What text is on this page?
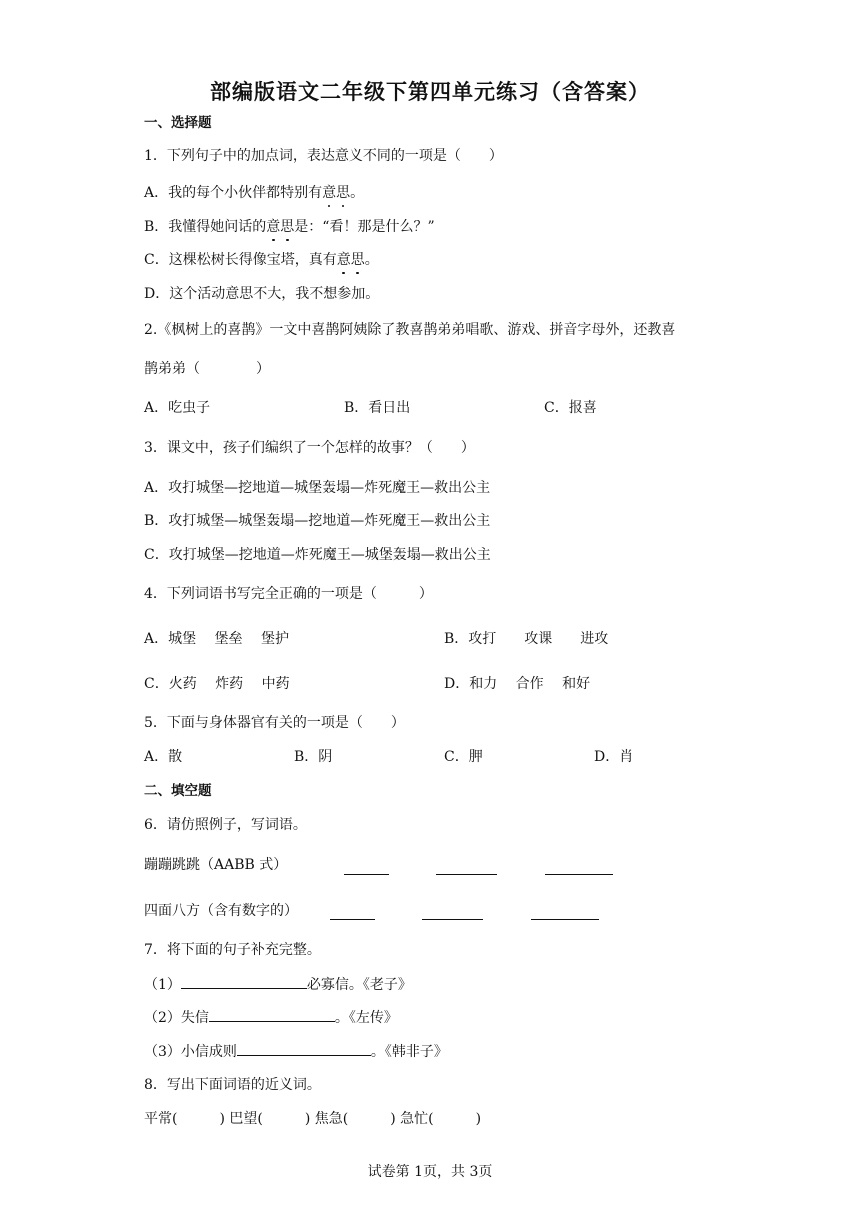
部编版语文二年级下第四单元练习（含答案）
一、选择题
1．下列句子中的加点词，表达意义不同的一项是（　　）
A．我的每个小伙伴都特别有意思。
B．我懂得她问话的意思是：“看！那是什么？”
C．这棵松树长得像宝塔，真有意思。
D．这个活动意思不大，我不想参加。
2.《枫树上的喜鹊》一文中喜鹊阿姨除了教喜鹊弟弟唱歌、游戏、拼音字母外，还教喜
鹊弟弟（　　　　）
A．吃虫子	B．看日出	C．报喜
3．课文中，孩子们编织了一个怎样的故事？（　　）
A．攻打城堡—挖地道—城堡轰塌—炸死魔王—救出公主
B．攻打城堡—城堡轰塌—挖地道—炸死魔王—救出公主
C．攻打城堡—挖地道—炸死魔王—城堡轰塌—救出公主
4．下列词语书写完全正确的一项是（　　　）
A．城堡　 堡垒　 堡护	B．攻打　　攻课　　进攻
C．火药　 炸药　 中药	D．和力　 合作　 和好
5．下面与身体器官有关的一项是（　　）
A．散	B．阴	C．胛	D．肖
二、填空题
6．请仿照例子，写词语。
蹦蹦跳跳（AABB 式）
四面八方（含有数字的）
7．将下面的句子补充完整。
（1）	必寡信。《老子》
（2）失信	。《左传》
（3）小信成则	。《韩非子》
8．写出下面词语的近义词。
平常(　　　) 巴望(　　　) 焦急(　　　) 急忙(　　　)
试卷第 1页，共 3页
